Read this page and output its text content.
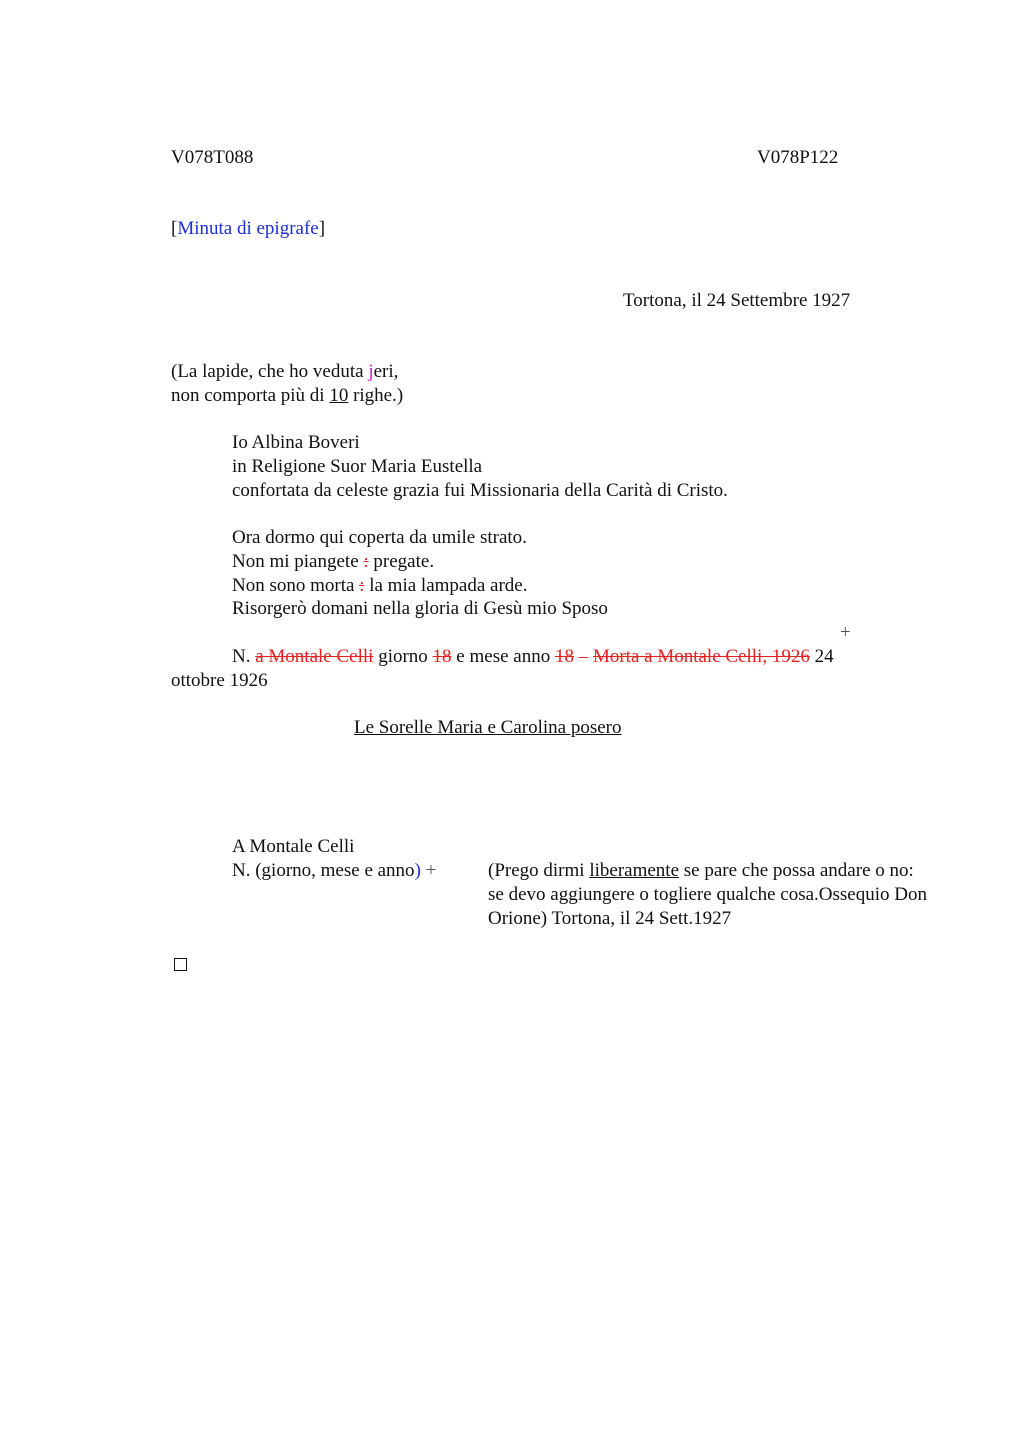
V078T088	V078P122
[Minuta di epigrafe]
Tortona, il 24 Settembre 1927
(La lapide, che ho veduta jeri,
non comporta più di 10 righe.)
Io Albina Boveri
in Religione Suor Maria Eustella
confortata da celeste grazia fui Missionaria della Carità di Cristo.
Ora dormo qui coperta da umile strato.
Non mi piangete : pregate.
Non sono morta : la mia lampada arde.
Risorgerò domani nella gloria di Gesù mio Sposo
+
N. a Montale Celli giorno 18 e mese anno 18 – Morta a Montale Celli, 1926 24
ottobre 1926
Le Sorelle Maria e Carolina posero
A Montale Celli
N. (giorno, mese e anno) +	(Prego dirmi liberamente se pare che possa andare o no: se devo aggiungere o togliere qualche cosa.Ossequio Don Orione) Tortona, il 24 Sett.1927
